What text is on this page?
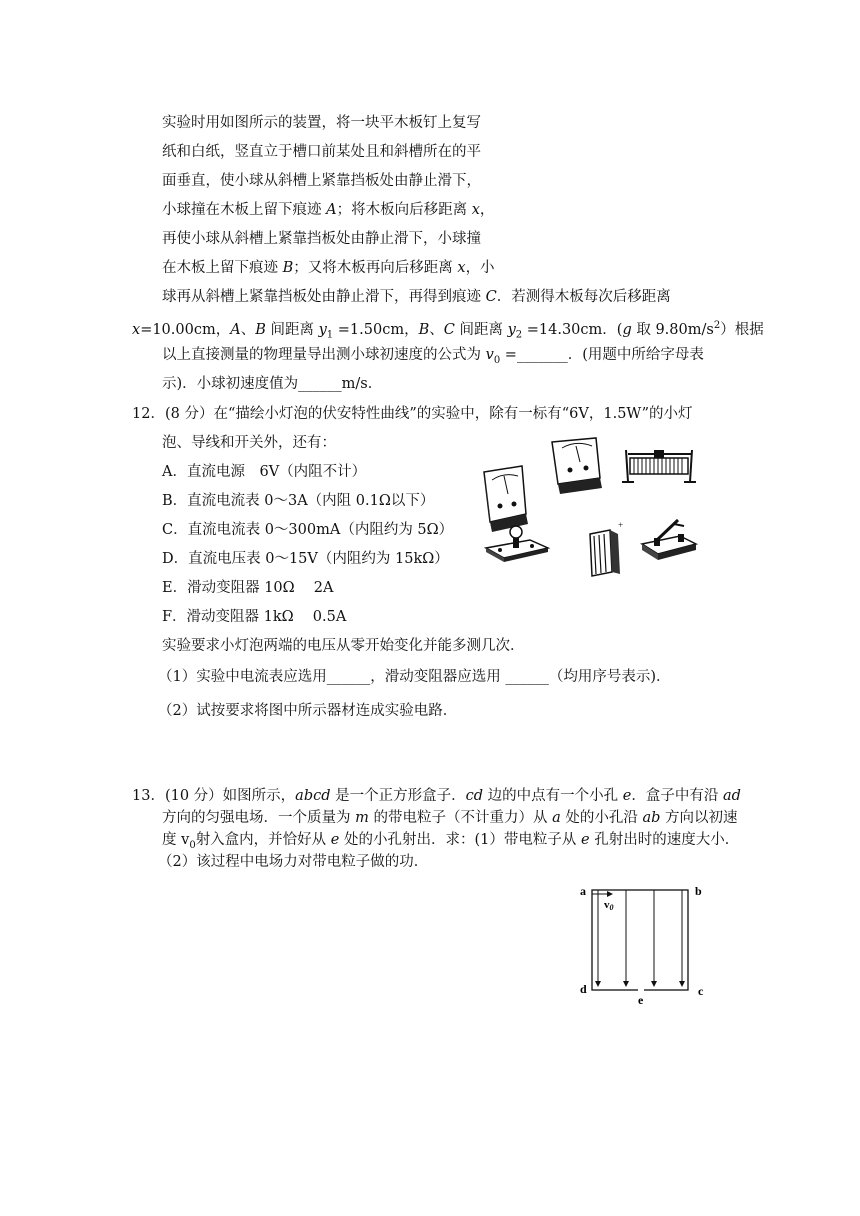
实验时用如图所示的装置，将一块平木板钉上复写
纸和白纸，竖直立于槽口前某处且和斜槽所在的平
面垂直，使小球从斜槽上紧靠挡板处由静止滑下，
小球撞在木板上留下痕迹 A；将木板向后移距离 x，
再使小球从斜槽上紧靠挡板处由静止滑下，小球撞
在木板上留下痕迹 B；又将木板再向后移距离 x，小
球再从斜槽上紧靠挡板处由静止滑下，再得到痕迹 C．若测得木板每次后移距离
x=10.00cm，A、B 间距离 $y_1 =1.50cm$，B、C 间距离 $y_2 =14.30cm$．(g 取 $9.80m/s^2$）根据
以上直接测量的物理量导出测小球初速度的公式为 $v_0$ =_______．(用题中所给字母表
示)．小球初速度值为______m/s．
12．(8 分）在“描绘小灯泡的伏安特性曲线”的实验中，除有一标有“6V，1.5W”的小灯
泡、导线和开关外，还有：
A．直流电源　6V（内阻不计）
B．直流电流表 0～3A（内阻 0.1Ω以下）
C．直流电流表 0～300mA（内阻约为 5Ω）
D．直流电压表 0～15V（内阻约为 15kΩ）
E．滑动变阻器 10Ω　 2A
F．滑动变阻器 1kΩ　 0.5A
实验要求小灯泡两端的电压从零开始变化并能多测几次．
（1）实验中电流表应选用______，滑动变阻器应选用 ______（均用序号表示)．
（2）试按要求将图中所示器材连成实验电路．
+
13．(10 分）如图所示，abcd 是一个正方形盒子．cd 边的中点有一个小孔 e．盒子中有沿 ad
方向的匀强电场．一个质量为 m 的带电粒子（不计重力）从 a 处的小孔沿 ab 方向以初速
度 $v_0$射入盒内，并恰好从 e 处的小孔射出．求：(1）带电粒子从 e 孔射出时的速度大小．
（2）该过程中电场力对带电粒子做的功．
a	b
d	c
e
v0
